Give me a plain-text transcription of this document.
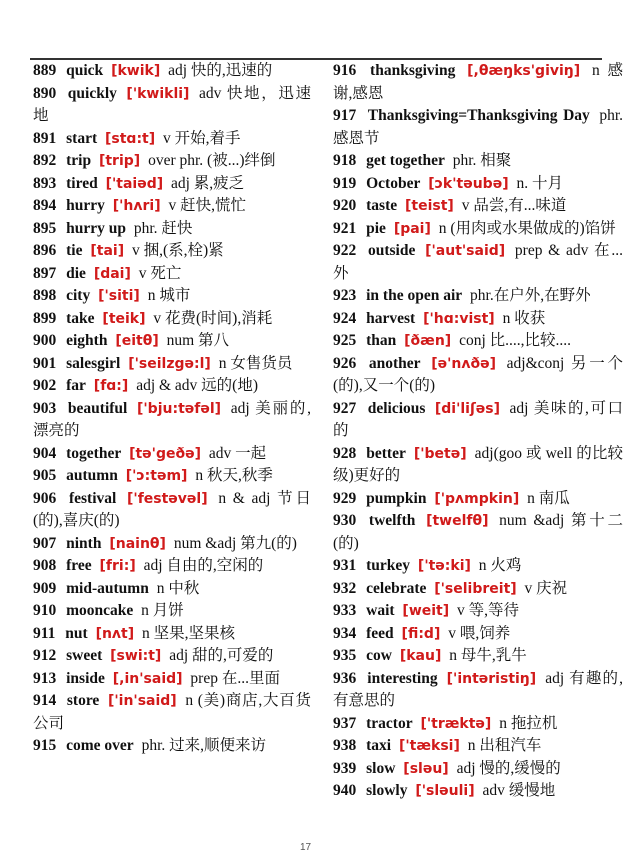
889 quick [kwik] adj 快的,迅速的

890 quickly ['kwikli] adv 快地，迅速地

891 start [stɑ:t] v 开始,着手

892 trip [trip] over phr. (被...)绊倒

893 tired ['taiəd] adj 累,疲乏

894 hurry ['hʌri] v 赶快,慌忙

895 hurry up phr. 赶快

896 tie [tai] v 捆,(系,栓)紧

897 die [dai] v 死亡

898 city ['siti] n 城市

899 take [teik] v 花费(时间),消耗

900 eighth [eitθ] num 第八

901 salesgirl ['seilzgə:l] n 女售货员

902 far [fɑ:] adj & adv 远的(地)

903 beautiful ['bju:təfəl] adj 美丽的,漂亮的

904 together [tə'geðə] adv 一起

905 autumn ['ɔ:təm] n 秋天,秋季

906 festival ['festəvəl] n & adj 节日(的),喜庆(的)

907 ninth [nainθ] num &adj 第九(的)

908 free [fri:] adj 自由的,空闲的

909 mid-autumn n 中秋

910 mooncake n 月饼

911 nut [nʌt] n 坚果,坚果核

912 sweet [swi:t] adj 甜的,可爱的

913 inside [,in'said] prep 在...里面

914 store ['in'said] n (美)商店,大百货公司

915 come over phr. 过来,顺便来访

916 thanksgiving [,θæŋks'giviŋ] n 感谢,感恩

917 Thanksgiving=Thanksgiving Day phr. 感恩节

918 get together phr. 相聚

919 October [ɔk'təubə] n. 十月

920 taste [teist] v 品尝,有...味道

921 pie [pai] n (用肉或水果做成的)馅饼

922 outside ['aut'said] prep & adv 在...外

923 in the open air phr.在户外,在野外

924 harvest ['hɑ:vist] n 收获

925 than [ðæn] conj 比....,比较....

926 another [ə'nʌðə] adj&conj 另一个(的),又一个(的)

927 delicious [di'liʃəs] adj 美味的,可口的

928 better ['betə] adj(goo 或 well 的比较级)更好的

929 pumpkin ['pʌmpkin] n 南瓜

930 twelfth [twelfθ] num &adj 第十二(的)

931 turkey ['tə:ki] n 火鸡

932 celebrate ['selibreit] v 庆祝

933 wait [weit] v 等,等待

934 feed [fi:d] v 喂,饲养

935 cow [kau] n 母牛,乳牛

936 interesting ['intəristiŋ] adj 有趣的,有意思的

937 tractor ['træktə] n 拖拉机

938 taxi ['tæksi] n 出租汽车

939 slow [sləu] adj 慢的,缓慢的

940 slowly ['sləuli] adv 缓慢地

17
